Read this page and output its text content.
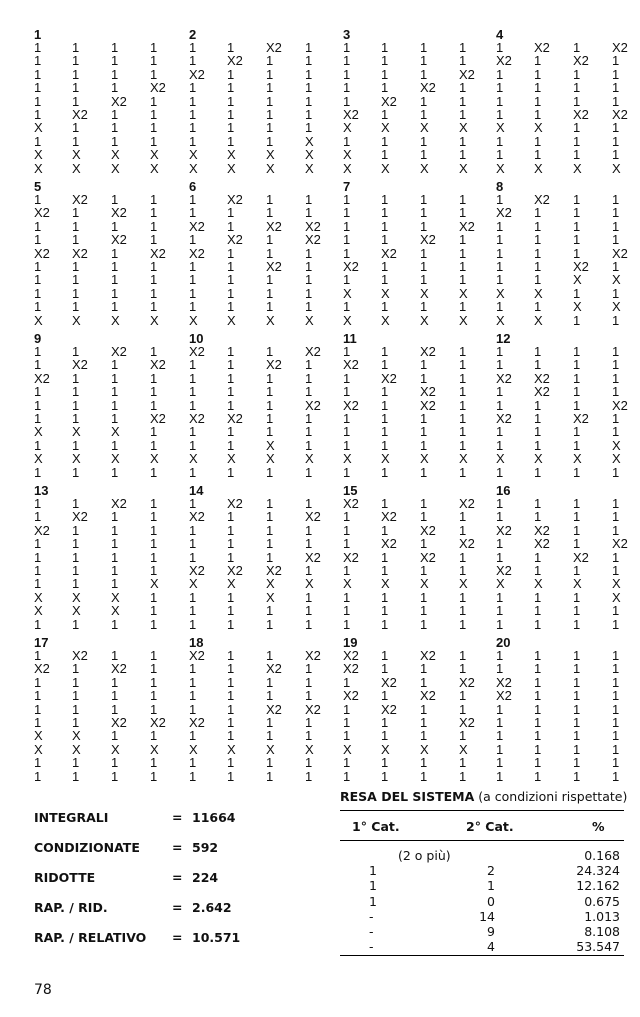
1
1 1 1 1
1 1 1 1
1 1 1 1
1 1 1 X2
1 1 X2 1
1 X2 1 1
X 1 1 1
1 1 1 1
X X X X
X X X X
2
1 1 X2 1
1 X2 1 1
X2 1 1 1
1 1 1 1
1 1 1 1
1 1 1 1
1 1 1 1
1 1 1 X
X X X X
X X X X
3
1 1 1 1
1 1 1 1
1 1 1 X2
1 1 X2 1
1 X2 1 1
X2 1 1 1
X X X X
1 1 1 1
X 1 1 1
X X X X
4
1 X2 1 X2
X2 1 X2 1
1 1 1 1
1 1 1 1
1 1 1 1
1 1 X2 X2
X X 1 1
1 1 1 1
1 1 1 1
X X X X
5
1 X2 1 1
X2 1 X2 1
1 1 1 1
1 1 X2 1
X2 X2 1 X2
1 1 1 1
1 1 1 1
1 1 1 1
1 1 1 1
X X X X
6
1 X2 1 1
1 1 1 1
X2 1 X2 X2
1 X2 1 X2
X2 1 1 1
1 1 X2 1
1 1 1 1
1 1 1 1
1 1 1 1
X X X X
7
1 1 1 1
1 1 1 1
1 1 1 X2
1 1 X2 1
1 X2 1 1
X2 1 1 1
1 1 1 1
X X X X
1 1 1 1
X X X X
8
1 X2 1 1
X2 1 1 1
1 1 1 1
1 1 1 1
1 1 1 X2
1 1 X2 1
1 1 X X
X X 1 1
1 1 X X
X X 1 1
9
1 1 X2 1
1 X2 1 X2
X2 1 1 1
1 1 1 1
1 1 1 1
1 1 1 X2
X X X 1
1 1 1 1
X X X X
1 1 1 1
10
X2 1 1 X2
1 1 X2 1
1 1 1 1
1 1 1 1
1 1 1 X2
X2 X2 1 1
1 1 1 1
1 1 X 1
X X X X
1 1 1 1
11
1 1 X2 1
X2 1 1 1
1 X2 1 1
1 1 X2 1
X2 1 X2 1
1 1 1 1
1 1 1 1
1 1 1 1
X X X X
1 1 1 1
12
1 1 1 1
1 1 1 1
X2 X2 1 1
1 X2 1 1
1 1 1 X2
X2 1 X2 1
1 1 1 1
1 1 1 X
X X X X
1 1 1 1
13
1 1 X2 1
1 X2 1 1
X2 1 1 1
1 1 1 1
1 1 1 1
1 1 1 1
1 1 1 X
X X X 1
X X X 1
1 1 1 1
14
1 X2 1 1
X2 1 1 X2
1 1 1 1
1 1 1 1
1 1 1 X2
X2 X2 X2 1
X X X X
1 1 X 1
1 1 1 1
1 1 1 1
15
X2 1 1 X2
1 X2 1 1
1 1 X2 1
1 X2 1 X2
X2 1 X2 1
1 1 1 1
X X X X
1 1 1 1
1 1 1 1
1 1 1 1
16
1 1 1 1
1 1 1 1
X2 X2 1 1
1 X2 1 X2
1 1 X2 1
X2 1 1 1
X X X X
1 1 1 X
1 1 1 1
1 1 1 1
17
1 X2 1 1
X2 1 X2 1
1 1 1 1
1 1 1 1
1 1 1 1
1 1 X2 X2
X X 1 1
X X X X
1 1 1 1
1 1 1 1
18
X2 1 1 X2
1 1 X2 1
1 1 1 1
1 1 1 1
1 1 X2 X2
X2 1 1 1
1 1 1 1
X X X X
1 1 1 1
1 1 1 1
19
X2 1 X2 1
X2 1 1 1
1 X2 1 X2
X2 1 X2 1
1 X2 1 1
1 1 1 X2
1 1 1 1
X X X X
1 1 1 1
1 1 1 1
20
1 1 1 1
1 1 1 1
X2 1 1 1
X2 1 1 1
1 1 1 1
1 1 1 1
1 1 1 1
1 1 1 1
1 1 1 1
1 1 1 1
INTEGRALI	= 11664
CONDIZIONATE	= 592
RIDOTTE	= 224
RAP. / RID.	= 2.642
RAP. / RELATIVO = 10.571
RESA DEL SISTEMA (a condizioni rispettate)
1° Cat.	2° Cat.	%
(2 o più)	0.168
1	2	24.324
1	1	12.162
1	0	0.675
-	14	1.013
-	9	8.108
-	4	53.547
78
